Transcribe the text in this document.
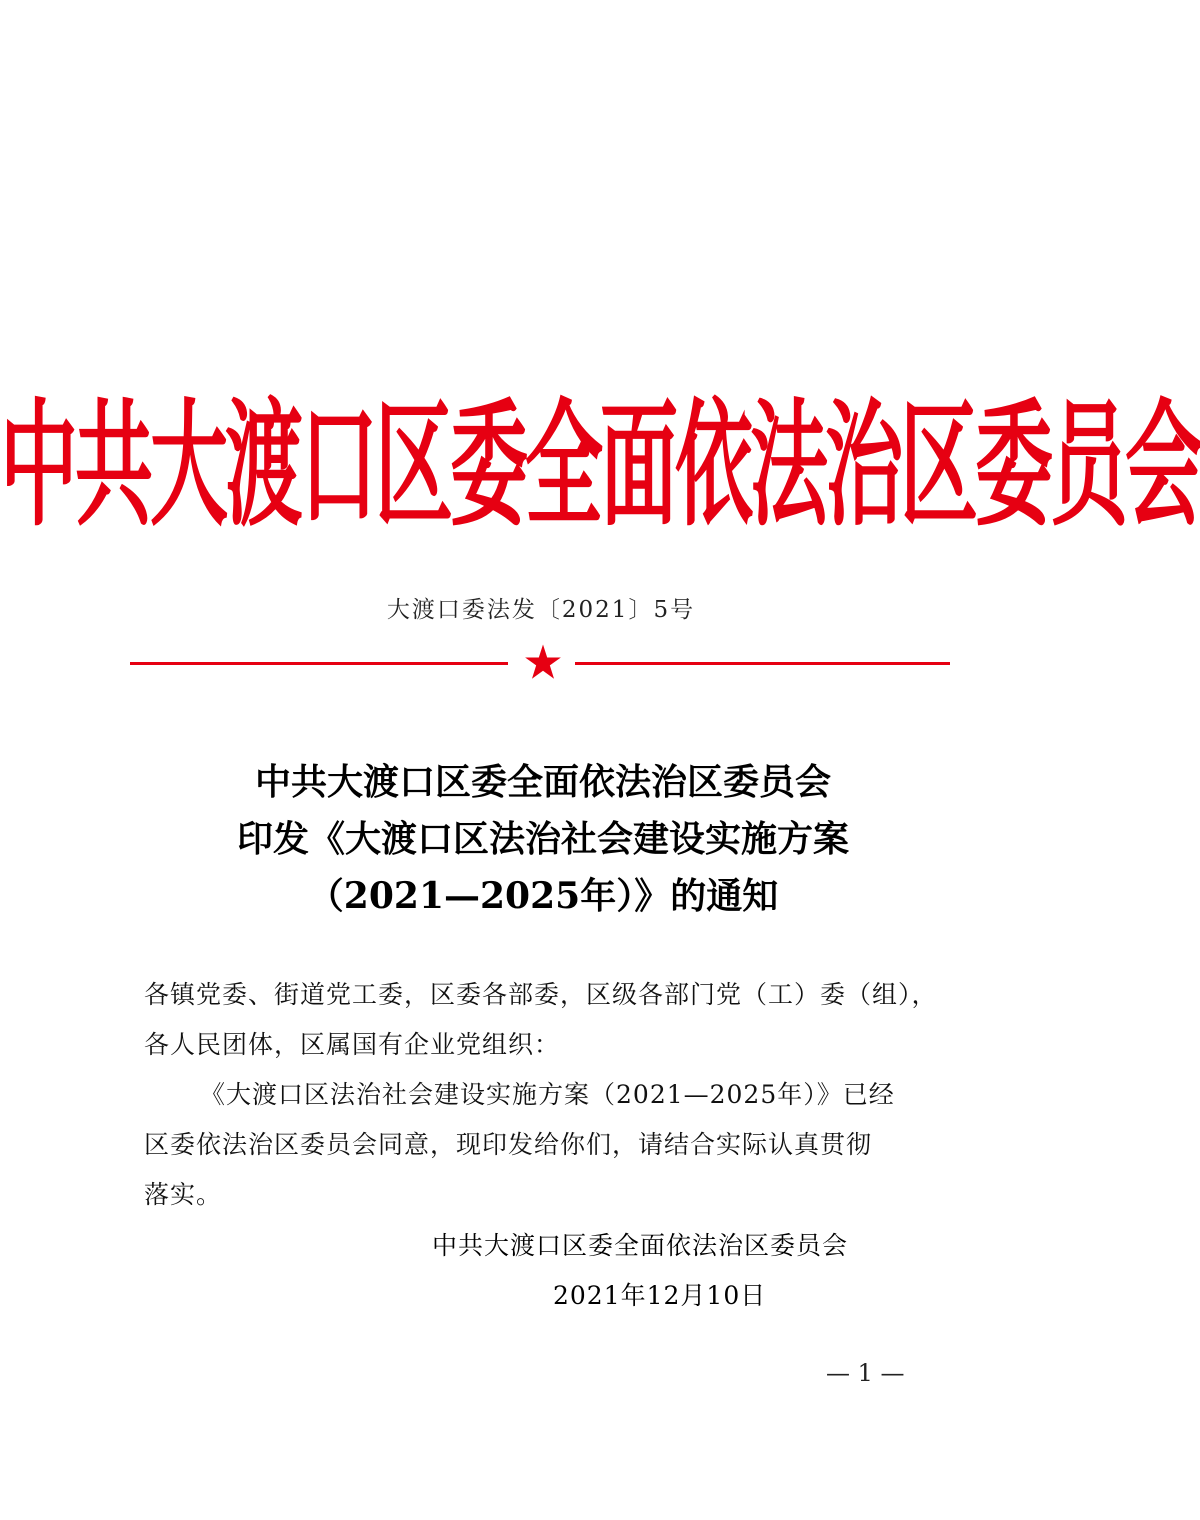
中共大渡口区委全面依法治区委员会
大渡口委法发〔2021〕5号
中共大渡口区委全面依法治区委员会
印发《大渡口区法治社会建设实施方案
（2021—2025年）》的通知
各镇党委、街道党工委，区委各部委，区级各部门党（工）委（组），
各人民团体，区属国有企业党组织：
《大渡口区法治社会建设实施方案（2021—2025年）》已经
区委依法治区委员会同意，现印发给你们，请结合实际认真贯彻
落实。
中共大渡口区委全面依法治区委员会
2021年12月10日
— 1 —
